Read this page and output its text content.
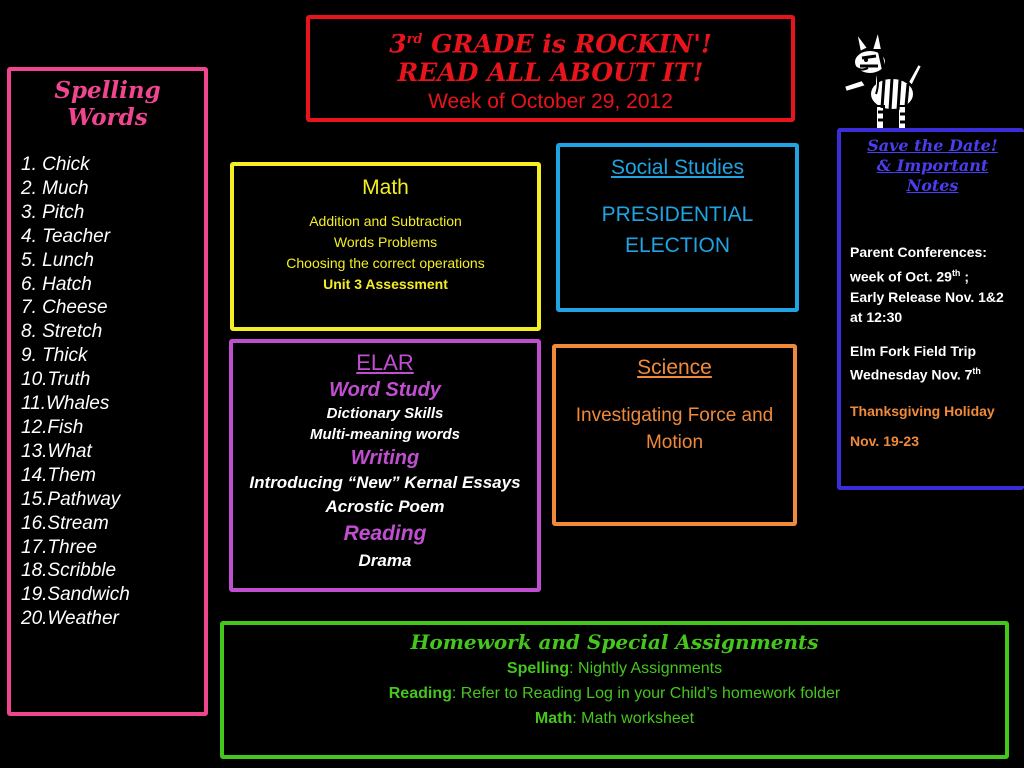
3rd GRADE is ROCKIN'!
READ ALL ABOUT IT!
Week of October 29, 2012
Spelling Words
1. Chick
2. Much
3. Pitch
4. Teacher
5. Lunch
6. Hatch
7. Cheese
8. Stretch
9. Thick
10.Truth
11.Whales
12.Fish
13.What
14.Them
15.Pathway
16.Stream
17.Three
18.Scribble
19.Sandwich
20.Weather
Math
Addition and Subtraction
Words Problems
Choosing the correct operations
Unit 3 Assessment
Social Studies
PRESIDENTIAL
ELECTION
ELAR
Word Study
Dictionary Skills
Multi-meaning words
Writing
Introducing “New” Kernal Essays
Acrostic Poem
Reading
Drama
Science
Investigating Force and
Motion
Save the Date!
& Important
Notes
Parent Conferences:
week of Oct. 29th ;
Early Release Nov. 1&2
at 12:30
Elm Fork Field Trip
Wednesday Nov. 7th
Thanksgiving Holiday
Nov. 19-23
Homework and Special Assignments
Spelling: Nightly Assignments
Reading: Refer to Reading Log in your Child’s homework folder
Math: Math worksheet
